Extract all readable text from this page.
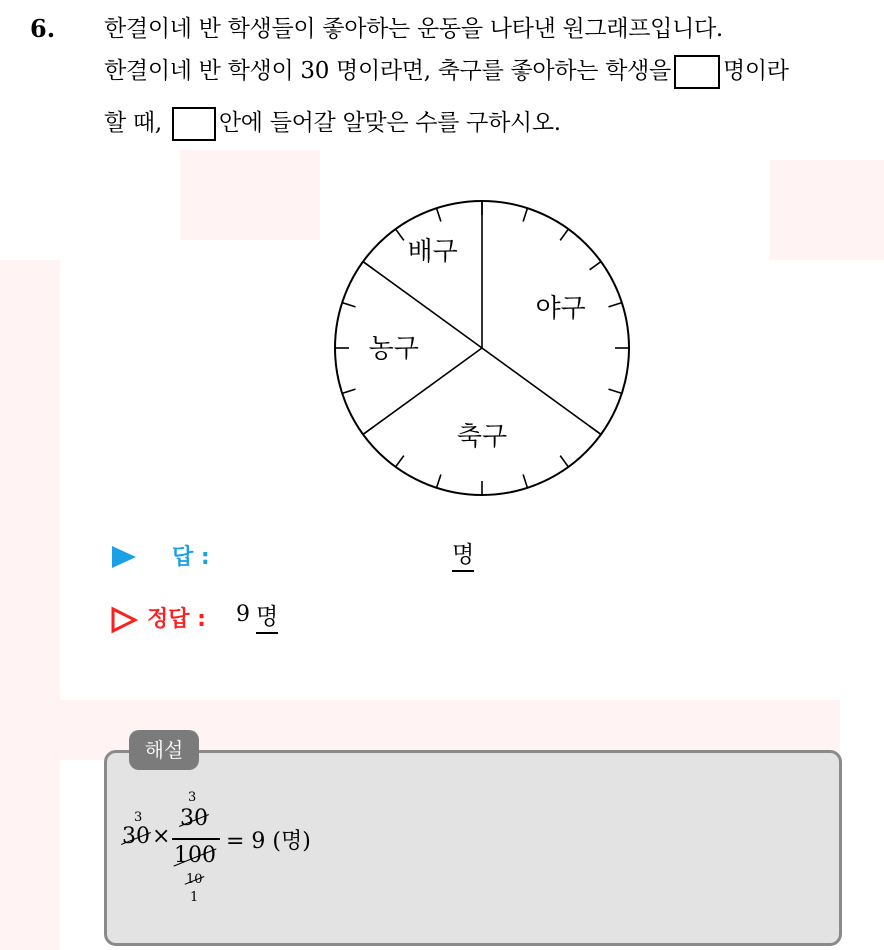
6. 한결이네 반 학생들이 좋아하는 운동을 나타낸 원그래프입니다.
한결이네 반 학생이 30 명이라면, 축구를 좋아하는 학생을 명이라
할 때, 안에 들어갈 알맞은 수를 구하시오.
야구
축구
농구
배구
답 :	명
정답 : 9 명
해설
3
30 ×
3
30
100
10
1
= 9 (명)
